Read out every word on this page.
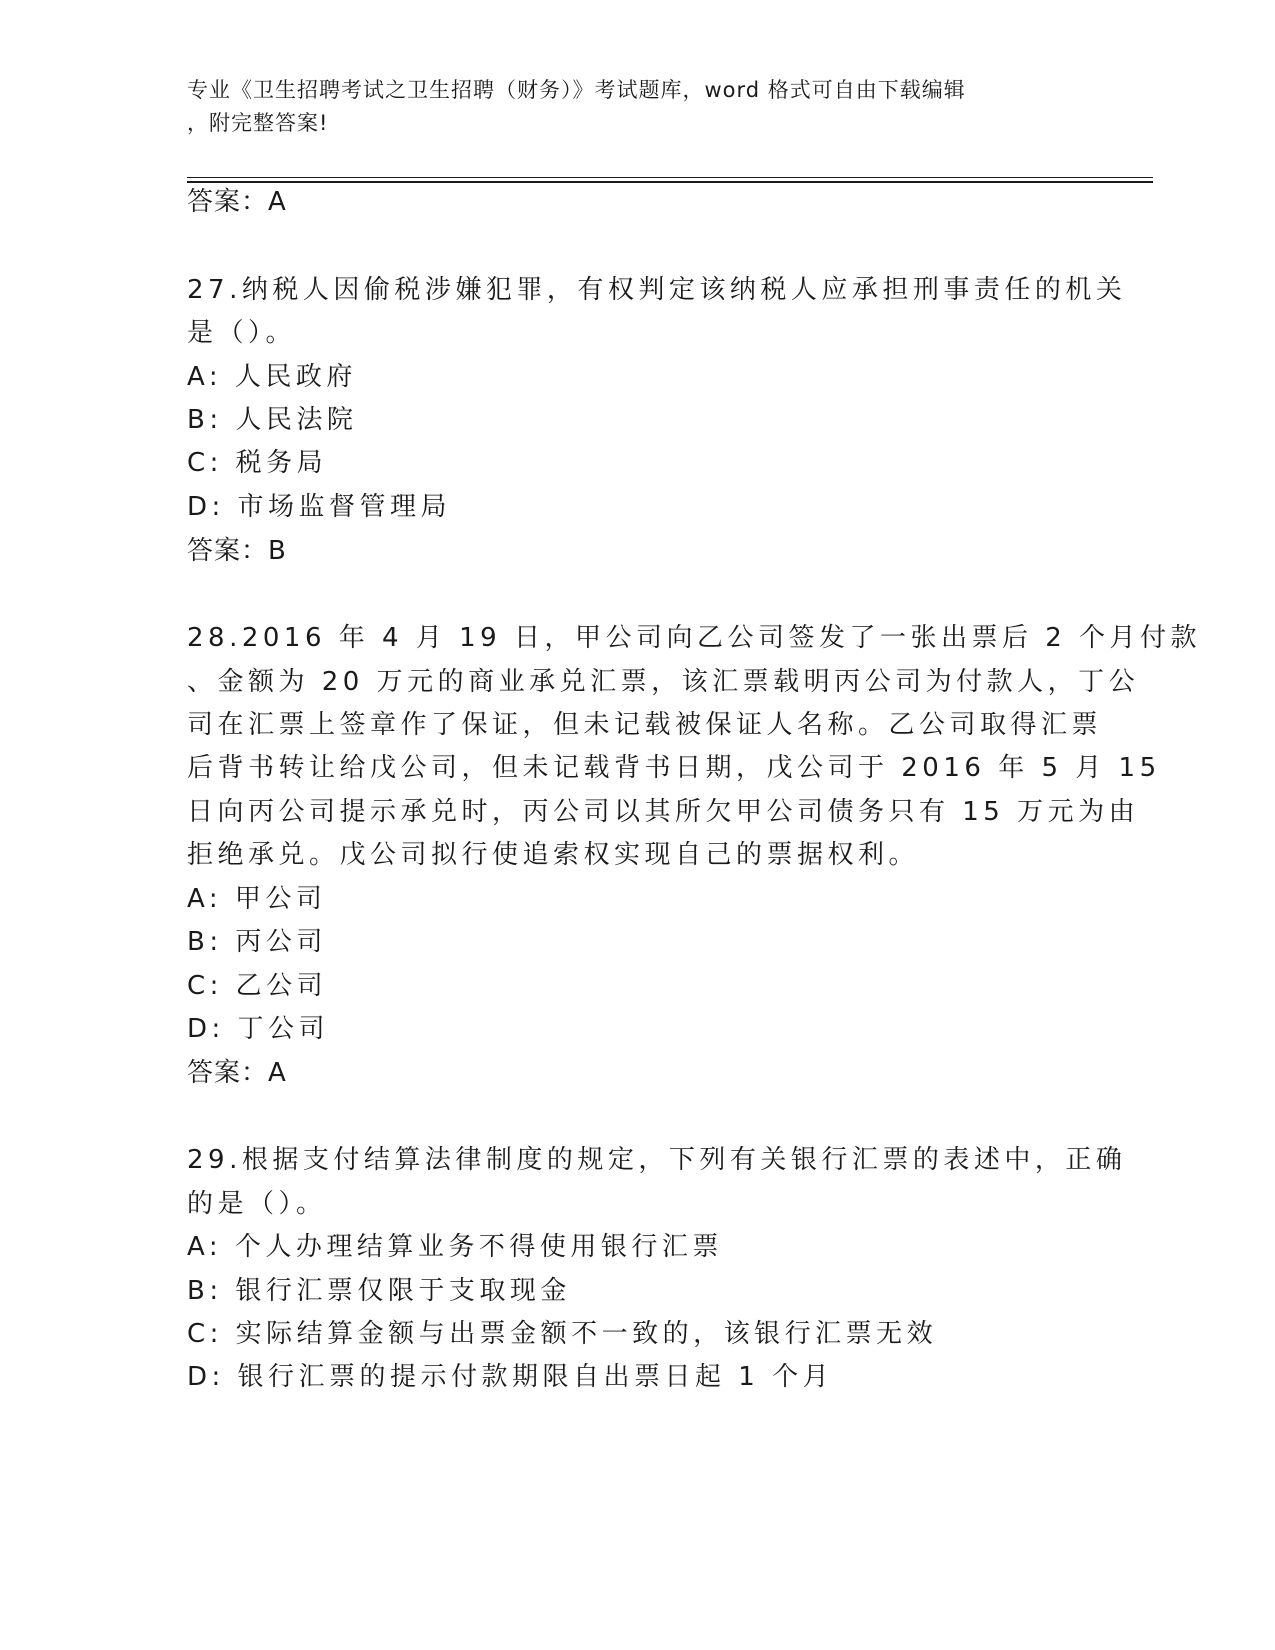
专业《卫生招聘考试之卫生招聘（财务）》考试题库，word 格式可自由下载编辑
，附完整答案!
答案：A
27.纳税人因偷税涉嫌犯罪，有权判定该纳税人应承担刑事责任的机关
是（）。
A: 人民政府
B: 人民法院
C: 税务局
D: 市场监督管理局
答案：B
28.2016 年 4 月 19 日，甲公司向乙公司签发了一张出票后 2 个月付款
、金额为 20 万元的商业承兑汇票，该汇票载明丙公司为付款人，丁公
司在汇票上签章作了保证，但未记载被保证人名称。乙公司取得汇票
后背书转让给戊公司，但未记载背书日期，戊公司于 2016 年 5 月 15
日向丙公司提示承兑时，丙公司以其所欠甲公司债务只有 15 万元为由
拒绝承兑。戊公司拟行使追索权实现自己的票据权利。
A: 甲公司
B: 丙公司
C: 乙公司
D: 丁公司
答案：A
29.根据支付结算法律制度的规定，下列有关银行汇票的表述中，正确
的是（）。
A: 个人办理结算业务不得使用银行汇票
B: 银行汇票仅限于支取现金
C: 实际结算金额与出票金额不一致的，该银行汇票无效
D: 银行汇票的提示付款期限自出票日起 1 个月
